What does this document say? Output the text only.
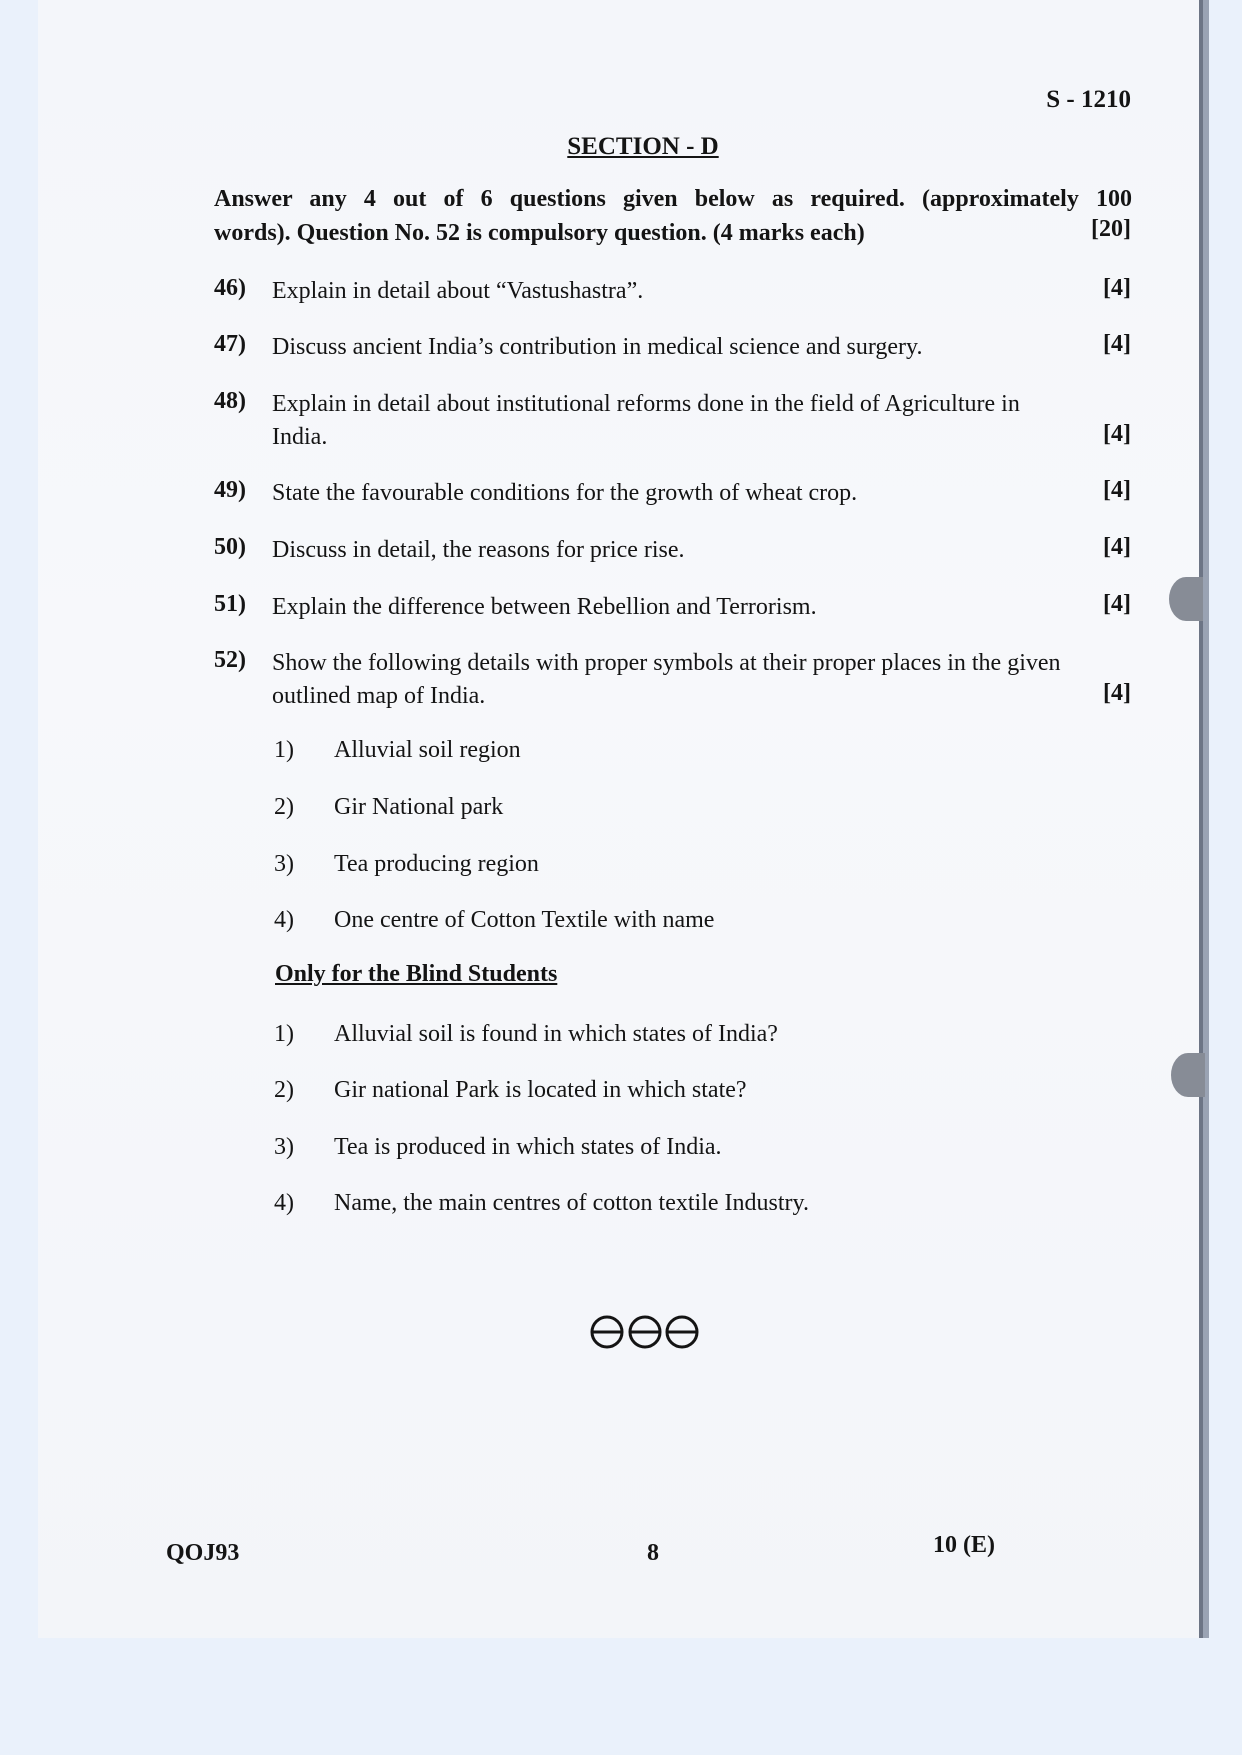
S - 1210
SECTION - D
Answer any 4 out of 6 questions given below as required. (approximately 100
words). Question No. 52 is compulsory question. (4 marks each)	[20]
46) Explain in detail about “Vastushastra”.	[4]
47) Discuss ancient India’s contribution in medical science and surgery.	[4]
48) Explain in detail about institutional reforms done in the field of Agriculture in
India.	[4]
49) State the favourable conditions for the growth of wheat crop.	[4]
50) Discuss in detail, the reasons for price rise.	[4]
51) Explain the difference between Rebellion and Terrorism.	[4]
52) Show the following details with proper symbols at their proper places in the given
outlined map of India.	[4]
1) Alluvial soil region
2) Gir National park
3) Tea producing region
4) One centre of Cotton Textile with name
Only for the Blind Students
1) Alluvial soil is found in which states of India?
2) Gir national Park is located in which state?
3) Tea is produced in which states of India.
4) Name, the main centres of cotton textile Industry.
QOJ93	8	10 (E)
